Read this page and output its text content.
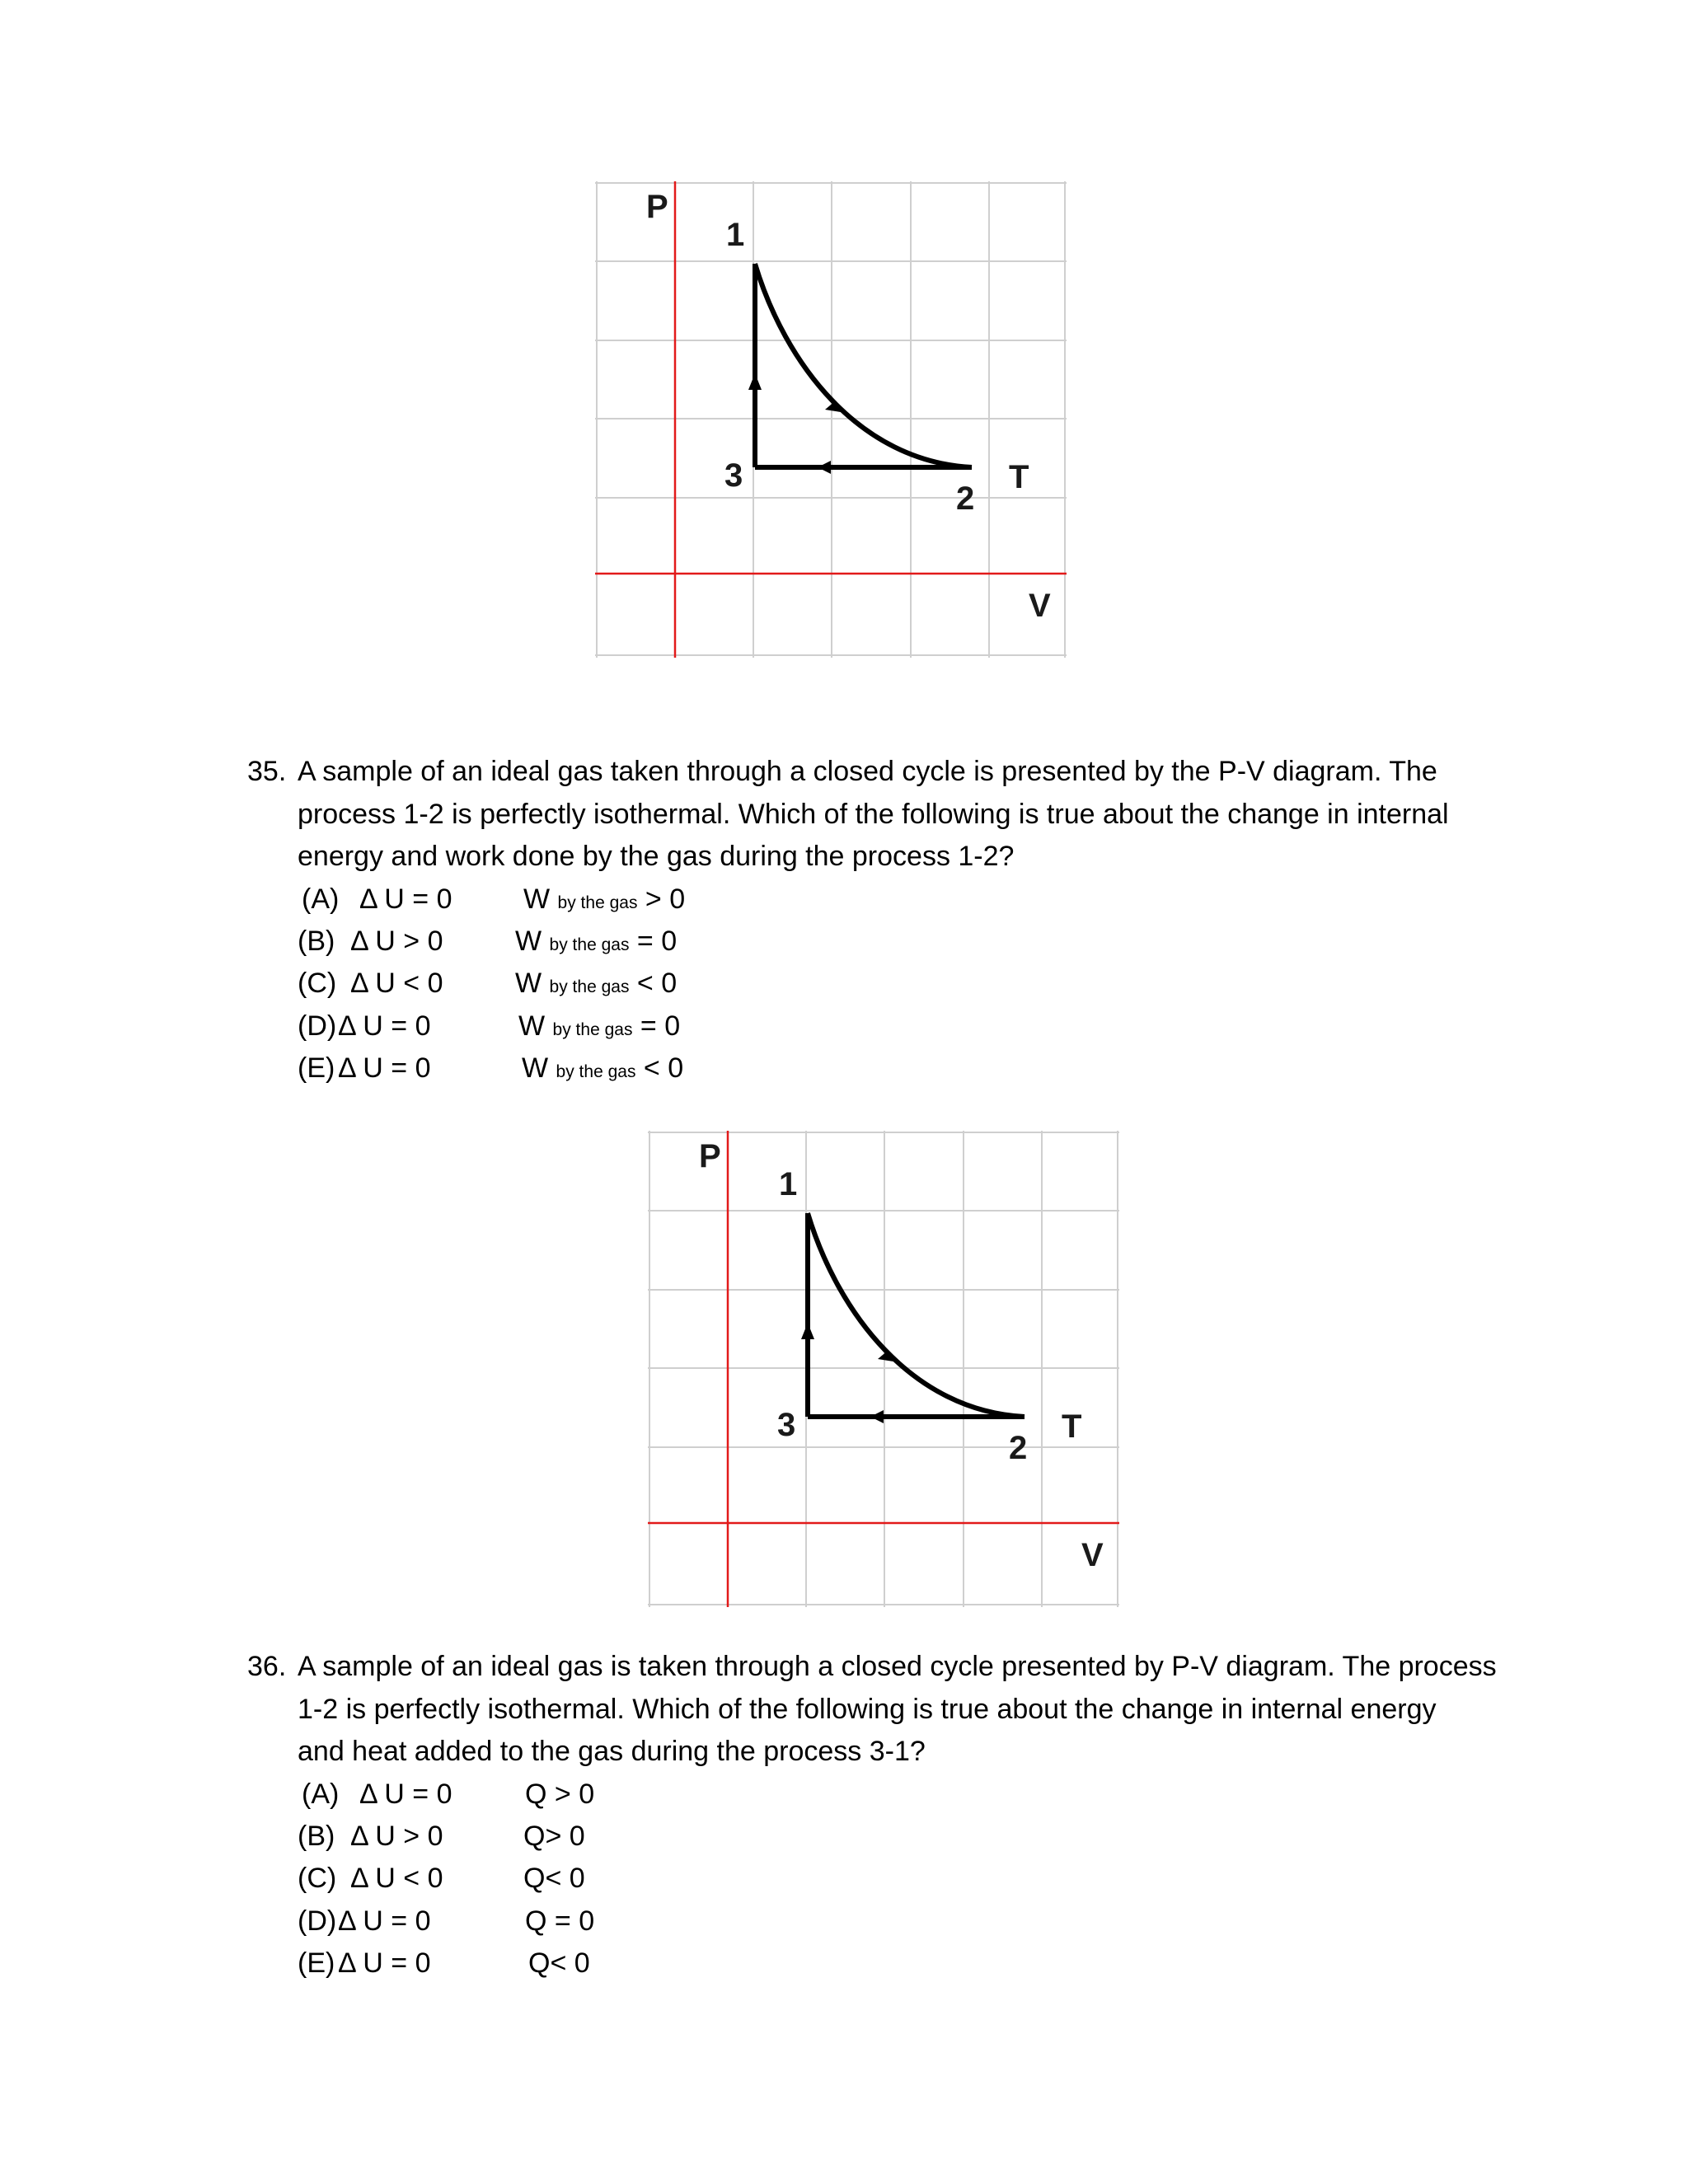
P
1
3
2
T
V
35. A sample of an ideal gas taken through a closed cycle is presented by the P-V diagram. The
process 1-2 is perfectly isothermal. Which of the following is true about the change in internal
energy and work done by the gas during the process 1-2?
(A) Δ U = 0	W by the gas > 0
(B) Δ U > 0	W by the gas = 0
(C) Δ U < 0	W by the gas < 0
(D) Δ U = 0	W by the gas = 0
(E) Δ U = 0	W by the gas < 0
P
1
3
2
T
V
36. A sample of an ideal gas is taken through a closed cycle presented by P-V diagram. The process
1-2 is perfectly isothermal. Which of the following is true about the change in internal energy
and heat added to the gas during the process 3-1?
(A) Δ U = 0	Q > 0
(B) Δ U > 0	Q> 0
(C) Δ U < 0	Q< 0
(D) Δ U = 0	Q = 0
(E) Δ U = 0	Q< 0
